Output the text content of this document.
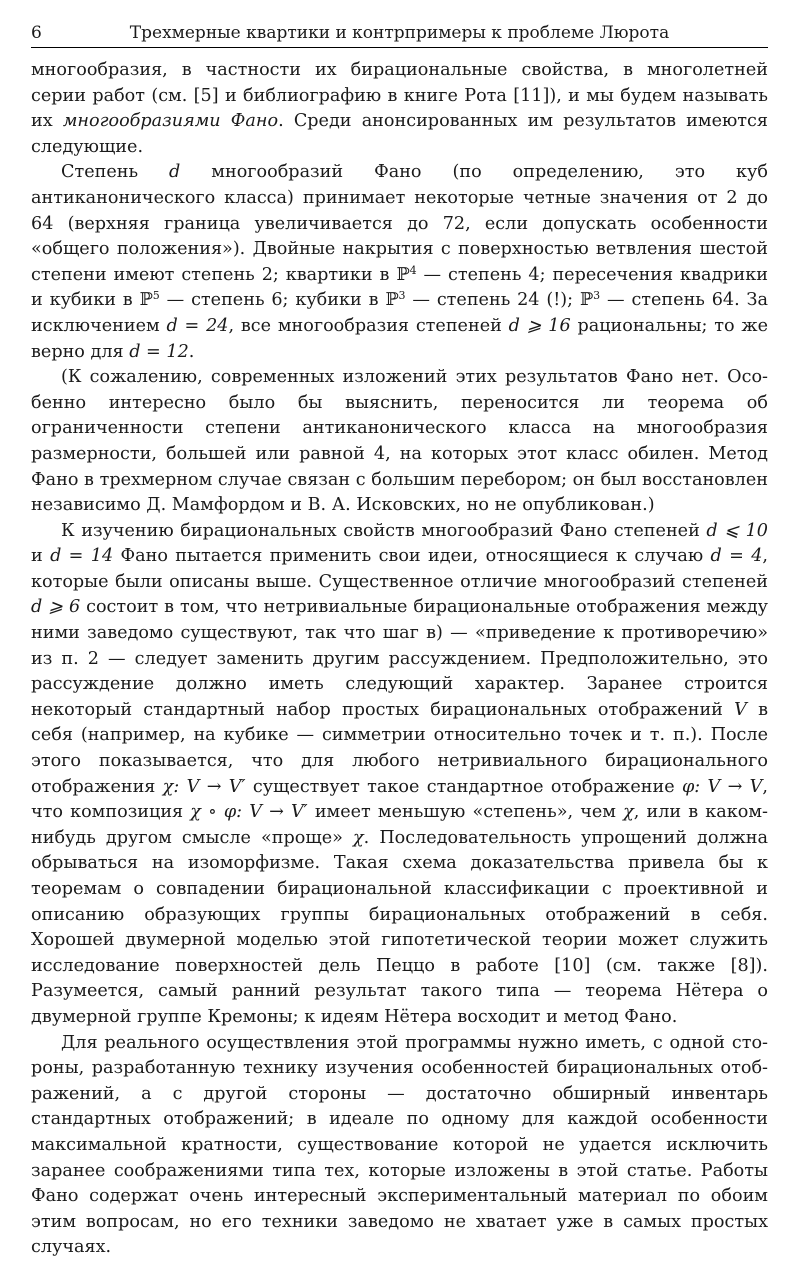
6	Трехмерные квартики и контрпримеры к проблеме Люрота

многообразия, в частности их бирациональные свойства, в многолетней серии работ (см. [5] и библиографию в книге Рота [11]), и мы будем называть их многообразиями Фано. Среди анонсированных им результатов имеются следующие.

Степень d многообразий Фано (по определению, это куб антиканонического класса) принимает некоторые четные значения от 2 до 64 (верхняя граница увеличивается до 72, если допускать особенности «общего положения»). Двойные накрытия с поверхностью ветвления шестой степени имеют степень 2; квартики в ℙ$^4$ — степень 4; пересечения квадрики и кубики в ℙ$^5$ — степень 6; кубики в ℙ$^3$ — степень 24 (!); ℙ$^3$ — степень 64. За исключением d = 24, все многообразия степеней d ⩾ 16 рациональны; то же верно для d = 12.

(К сожалению, современных изложений этих результатов Фано нет. Особенно интересно было бы выяснить, переносится ли теорема об ограниченности степени антиканонического класса на многообразия размерности, большей или равной 4, на которых этот класс обилен. Метод Фано в трехмерном случае связан с большим перебором; он был восстановлен независимо Д. Мамфордом и В. А. Исковских, но не опубликован.)

К изучению бирациональных свойств многообразий Фано степеней d ⩽ 10 и d = 14 Фано пытается применить свои идеи, относящиеся к случаю d = 4, которые были описаны выше. Существенное отличие многообразий степеней d ⩾ 6 состоит в том, что нетривиальные бирациональные отображения между ними заведомо существуют, так что шаг в) — «приведение к противоречию» из п. 2 — следует заменить другим рассуждением. Предположительно, это рассуждение должно иметь следующий характер. Заранее строится некоторый стандартный набор простых бирациональных отображений V в себя (например, на кубике — симметрии относительно точек и т. п.). После этого показывается, что для любого нетривиального бирационального отображения χ: V → V′ существует такое стандартное отображение φ: V → V, что композиция χ ∘ φ: V → V′ имеет меньшую «степень», чем χ, или в каком-нибудь другом смысле «проще» χ. Последовательность упрощений должна обрываться на изоморфизме. Такая схема доказательства привела бы к теоремам о совпадении бирациональной классификации с проективной и описанию образующих группы бирациональных отображений в себя. Хорошей двумерной моделью этой гипотетической теории может служить исследование поверхностей дель Пеццо в работе [10] (см. также [8]). Разумеется, самый ранний результат такого типа — теорема Нётера о двумерной группе Кремоны; к идеям Нётера восходит и метод Фано.

Для реального осуществления этой программы нужно иметь, с одной стороны, разработанную технику изучения особенностей бирациональных отображений, а с другой стороны — достаточно обширный инвентарь стандартных отображений; в идеале по одному для каждой особенности максимальной кратности, существование которой не удается исключить заранее соображениями типа тех, которые изложены в этой статье. Работы Фано содержат очень интересный экспериментальный материал по обоим этим вопросам, но его техники заведомо не хватает уже в самых простых случаях.
